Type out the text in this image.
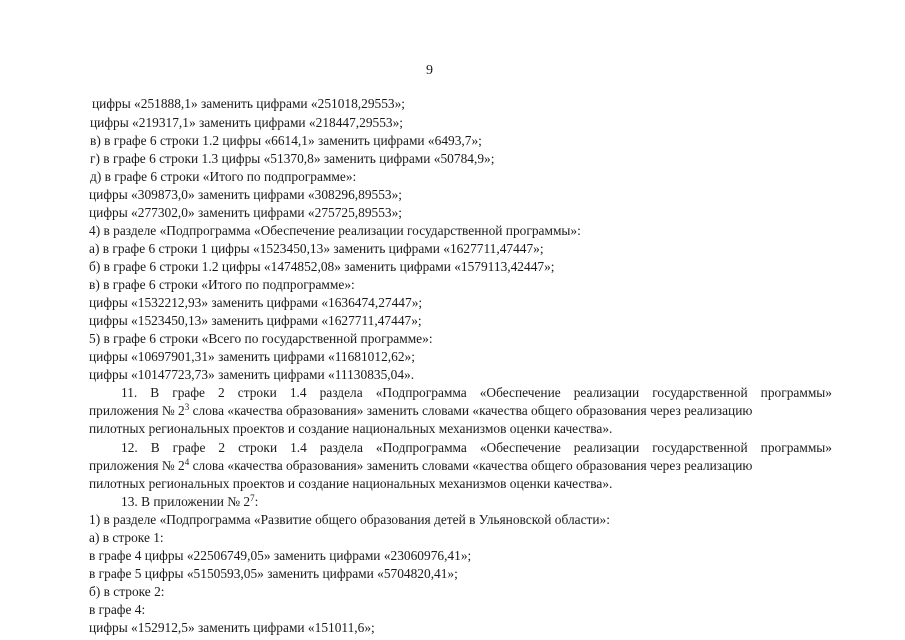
9
цифры «251888,1» заменить цифрами «251018,29553»;
цифры «219317,1» заменить цифрами «218447,29553»;
в) в графе 6 строки 1.2 цифры «6614,1» заменить цифрами «6493,7»;
г) в графе 6 строки 1.3 цифры «51370,8» заменить цифрами «50784,9»;
д) в графе 6 строки «Итого по подпрограмме»:
цифры «309873,0» заменить цифрами «308296,89553»;
цифры «277302,0» заменить цифрами «275725,89553»;
4) в разделе «Подпрограмма «Обеспечение реализации государственной программы»:
а) в графе 6 строки 1 цифры «1523450,13» заменить цифрами «1627711,47447»;
б) в графе 6 строки 1.2 цифры «1474852,08» заменить цифрами «1579113,42447»;
в) в графе 6 строки «Итого по подпрограмме»:
цифры «1532212,93» заменить цифрами «1636474,27447»;
цифры «1523450,13» заменить цифрами «1627711,47447»;
5) в графе 6 строки «Всего по государственной программе»:
цифры «10697901,31» заменить цифрами «11681012,62»;
цифры «10147723,73» заменить цифрами «11130835,04».
11. В графе 2 строки 1.4 раздела «Подпрограмма «Обеспечение реализации государственной программы»
приложения № $2^3$ слова «качества образования» заменить словами «качества общего образования через реализацию
пилотных региональных проектов и создание национальных механизмов оценки качества».
12. В графе 2 строки 1.4 раздела «Подпрограмма «Обеспечение реализации государственной программы»
приложения № $2^4$ слова «качества образования» заменить словами «качества общего образования через реализацию
пилотных региональных проектов и создание национальных механизмов оценки качества».
13. В приложении № $2^7$:
1) в разделе «Подпрограмма «Развитие общего образования детей в Ульяновской области»:
а) в строке 1:
в графе 4 цифры «22506749,05» заменить цифрами «23060976,41»;
в графе 5 цифры «5150593,05» заменить цифрами «5704820,41»;
б) в строке 2:
в графе 4:
цифры «152912,5» заменить цифрами «151011,6»;
